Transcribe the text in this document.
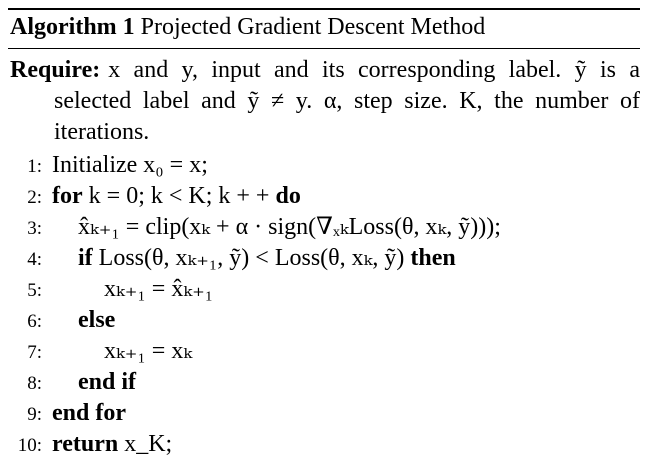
Algorithm 1 Projected Gradient Descent Method
Require: x and y, input and its corresponding label. ỹ is a selected label and ỹ ≠ y. α, step size. K, the number of iterations.
1: Initialize x₀ = x;
2: for k = 0; k < K; k + + do
3:	x̂ₖ₊₁ = clip(xₖ + α · sign(∇ₓₖLoss(θ, xₖ, ỹ)));
4:	if Loss(θ, xₖ₊₁, ỹ) < Loss(θ, xₖ, ỹ) then
5:	xₖ₊₁ = x̂ₖ₊₁
6:	else
7:	xₖ₊₁ = xₖ
8:	end if
9: end for
10: return x_K;
